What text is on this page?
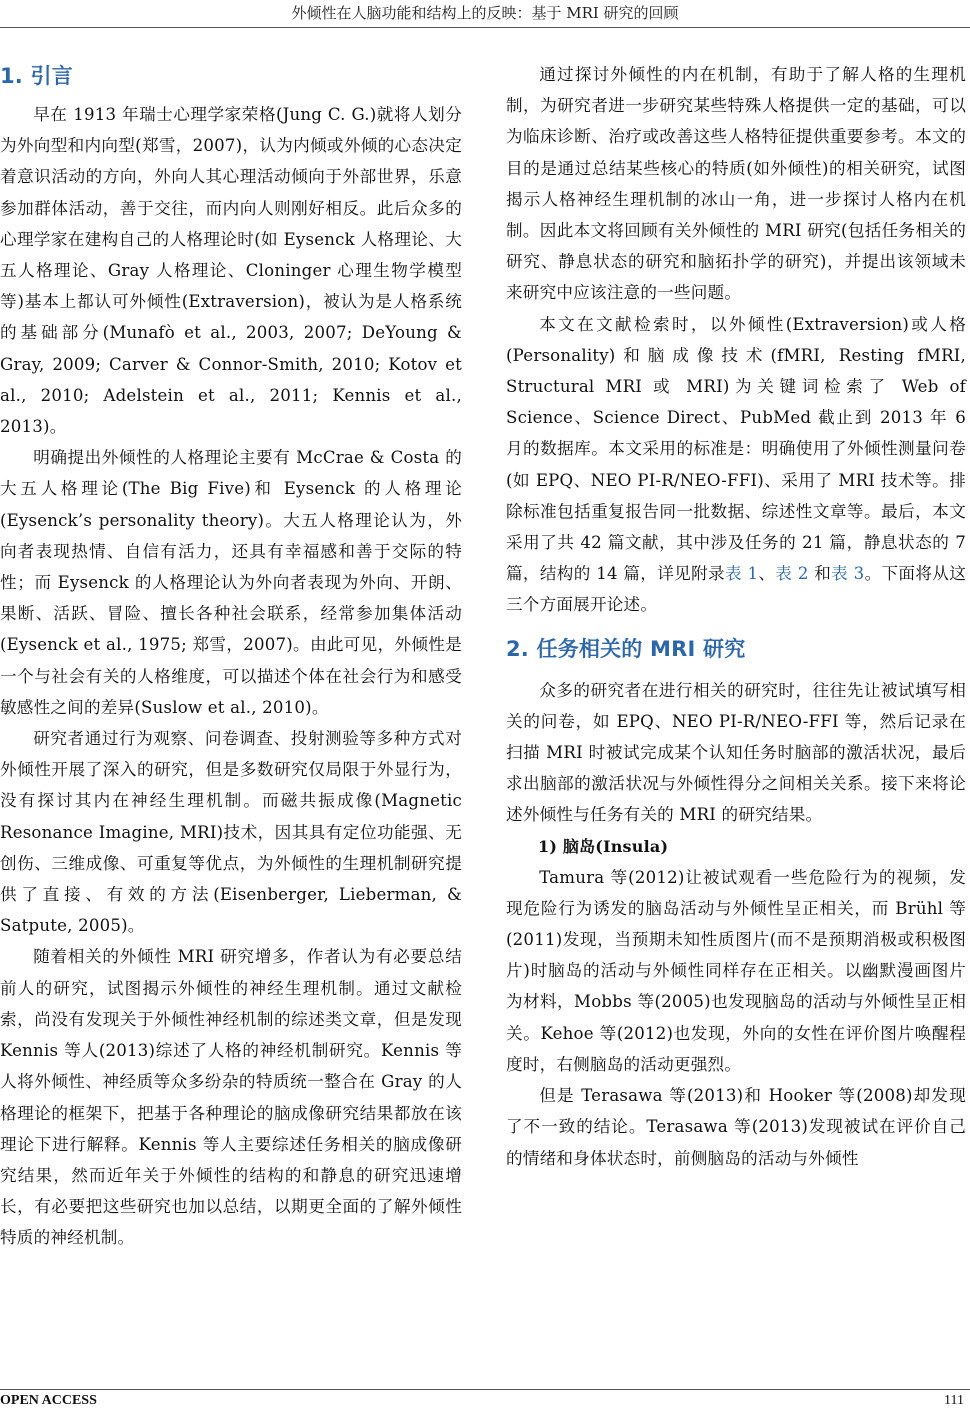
外倾性在人脑功能和结构上的反映：基于 MRI 研究的回顾
1. 引言

早在 1913 年瑞士心理学家荣格(Jung C. G.)就将人划分为外向型和内向型(郑雪，2007)，认为内倾或外倾的心态决定着意识活动的方向，外向人其心理活动倾向于外部世界，乐意参加群体活动，善于交往，而内向人则刚好相反。此后众多的心理学家在建构自己的人格理论时(如 Eysenck 人格理论、大五人格理论、Gray 人格理论、Cloninger 心理生物学模型等)基本上都认可外倾性(Extraversion)，被认为是人格系统的基础部分(Munafò et al., 2003, 2007; DeYoung & Gray, 2009; Carver & Connor-Smith, 2010; Kotov et al., 2010; Adelstein et al., 2011; Kennis et al., 2013)。

明确提出外倾性的人格理论主要有 McCrae & Costa 的大五人格理论(The Big Five)和 Eysenck 的人格理论(Eysenck’s personality theory)。大五人格理论认为，外向者表现热情、自信有活力，还具有幸福感和善于交际的特性；而 Eysenck 的人格理论认为外向者表现为外向、开朗、果断、活跃、冒险、擅长各种社会联系，经常参加集体活动(Eysenck et al., 1975; 郑雪，2007)。由此可见，外倾性是一个与社会有关的人格维度，可以描述个体在社会行为和感受敏感性之间的差异(Suslow et al., 2010)。

研究者通过行为观察、问卷调查、投射测验等多种方式对外倾性开展了深入的研究，但是多数研究仅局限于外显行为，没有探讨其内在神经生理机制。而磁共振成像(Magnetic Resonance Imagine, MRI)技术，因其具有定位功能强、无创伤、三维成像、可重复等优点，为外倾性的生理机制研究提供了直接、有效的方法(Eisenberger, Lieberman, & Satpute, 2005)。

随着相关的外倾性 MRI 研究增多，作者认为有必要总结前人的研究，试图揭示外倾性的神经生理机制。通过文献检索，尚没有发现关于外倾性神经机制的综述类文章，但是发现 Kennis 等人(2013)综述了人格的神经机制研究。Kennis 等人将外倾性、神经质等众多纷杂的特质统一整合在 Gray 的人格理论的框架下，把基于各种理论的脑成像研究结果都放在该理论下进行解释。Kennis 等人主要综述任务相关的脑成像研究结果，然而近年关于外倾性的结构的和静息的研究迅速增长，有必要把这些研究也加以总结，以期更全面的了解外倾性特质的神经机制。

通过探讨外倾性的内在机制，有助于了解人格的生理机制，为研究者进一步研究某些特殊人格提供一定的基础，可以为临床诊断、治疗或改善这些人格特征提供重要参考。本文的目的是通过总结某些核心的特质(如外倾性)的相关研究，试图揭示人格神经生理机制的冰山一角，进一步探讨人格内在机制。因此本文将回顾有关外倾性的 MRI 研究(包括任务相关的研究、静息状态的研究和脑拓扑学的研究)，并提出该领域未来研究中应该注意的一些问题。

本文在文献检索时，以外倾性(Extraversion)或人格(Personality)和脑成像技术(fMRI, Resting fMRI, Structural MRI 或 MRI)为关键词检索了 Web of Science、Science Direct、PubMed 截止到 2013 年 6 月的数据库。本文采用的标准是：明确使用了外倾性测量问卷(如 EPQ、NEO PI-R/NEO-FFI)、采用了 MRI 技术等。排除标准包括重复报告同一批数据、综述性文章等。最后，本文采用了共 42 篇文献，其中涉及任务的 21 篇，静息状态的 7 篇，结构的 14 篇，详见附录表 1、表 2 和表 3。下面将从这三个方面展开论述。

2. 任务相关的 MRI 研究

众多的研究者在进行相关的研究时，往往先让被试填写相关的问卷，如 EPQ、NEO PI-R/NEO-FFI 等，然后记录在扫描 MRI 时被试完成某个认知任务时脑部的激活状况，最后求出脑部的激活状况与外倾性得分之间相关关系。接下来将论述外倾性与任务有关的 MRI 的研究结果。

1) 脑岛(Insula)

Tamura 等(2012)让被试观看一些危险行为的视频，发现危险行为诱发的脑岛活动与外倾性呈正相关，而 Brühl 等(2011)发现，当预期未知性质图片(而不是预期消极或积极图片)时脑岛的活动与外倾性同样存在正相关。以幽默漫画图片为材料，Mobbs 等(2005)也发现脑岛的活动与外倾性呈正相关。Kehoe 等(2012)也发现，外向的女性在评价图片唤醒程度时，右侧脑岛的活动更强烈。

但是 Terasawa 等(2013)和 Hooker 等(2008)却发现了不一致的结论。Terasawa 等(2013)发现被试在评价自己的情绪和身体状态时，前侧脑岛的活动与外倾性

OPEN ACCESS	111
